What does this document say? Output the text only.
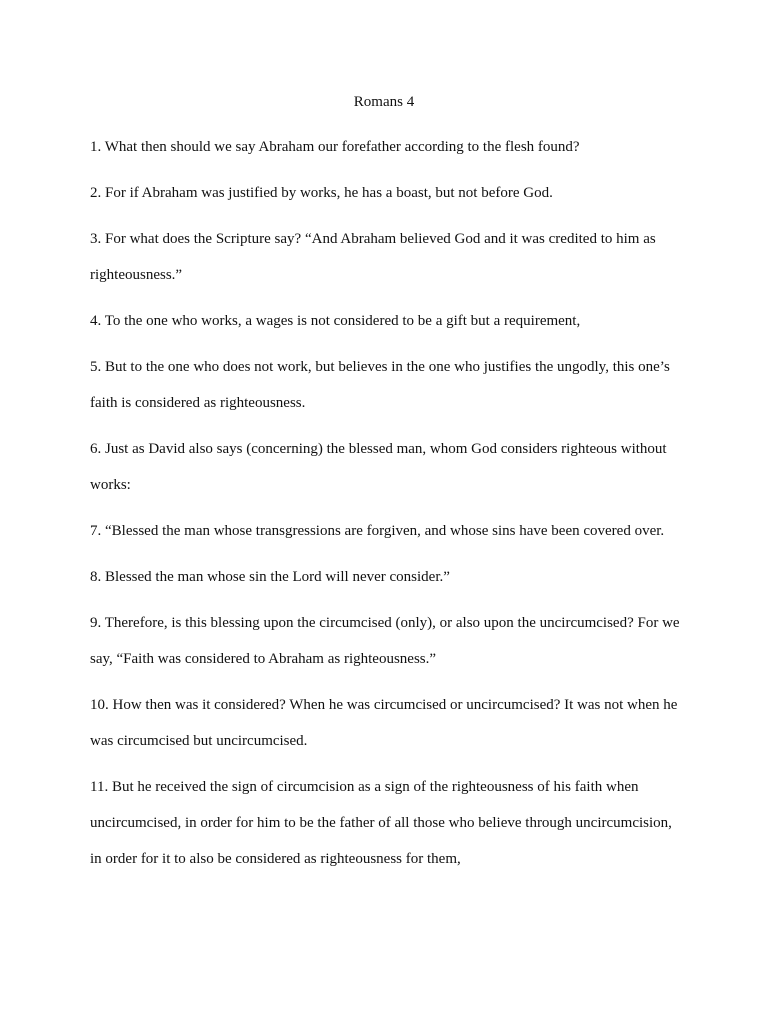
Romans 4
1. What then should we say Abraham our forefather according to the flesh found?
2. For if Abraham was justified by works, he has a boast, but not before God.
3. For what does the Scripture say? “And Abraham believed God and it was credited to him as righteousness.”
4. To the one who works, a wages is not considered to be a gift but a requirement,
5. But to the one who does not work, but believes in the one who justifies the ungodly, this one’s faith is considered as righteousness.
6. Just as David also says (concerning) the blessed man, whom God considers righteous without works:
7. “Blessed the man whose transgressions are forgiven, and whose sins have been covered over.
8. Blessed the man whose sin the Lord will never consider.”
9. Therefore, is this blessing upon the circumcised (only), or also upon the uncircumcised? For we say, “Faith was considered to Abraham as righteousness.”
10. How then was it considered? When he was circumcised or uncircumcised? It was not when he was circumcised but uncircumcised.
11. But he received the sign of circumcision as a sign of the righteousness of his faith when uncircumcised, in order for him to be the father of all those who believe through uncircumcision, in order for it to also be considered as righteousness for them,
